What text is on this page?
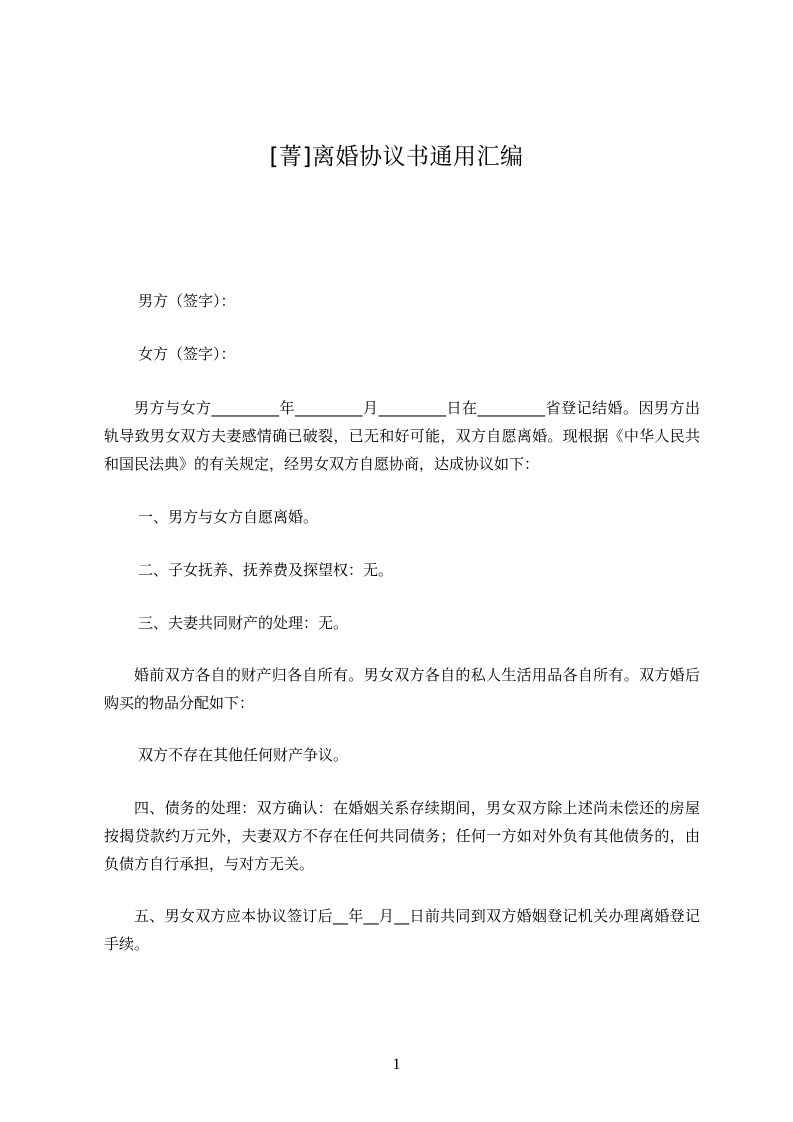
[菁]离婚协议书通用汇编

男方（签字）：

女方（签字）：

男方与女方_________年_________月_________日在_________省登记结婚。因男方出轨导致男女双方夫妻感情确已破裂，已无和好可能，双方自愿离婚。现根据《中华人民共和国民法典》的有关规定，经男女双方自愿协商，达成协议如下：

一、男方与女方自愿离婚。

二、子女抚养、抚养费及探望权：无。

三、夫妻共同财产的处理：无。

婚前双方各自的财产归各自所有。男女双方各自的私人生活用品各自所有。双方婚后购买的物品分配如下：

双方不存在其他任何财产争议。

四、债务的处理：双方确认：在婚姻关系存续期间，男女双方除上述尚未偿还的房屋按揭贷款约万元外，夫妻双方不存在任何共同债务；任何一方如对外负有其他债务的，由负债方自行承担，与对方无关。

五、男女双方应本协议签订后__年__月__日前共同到双方婚姻登记机关办理离婚登记手续。

1
